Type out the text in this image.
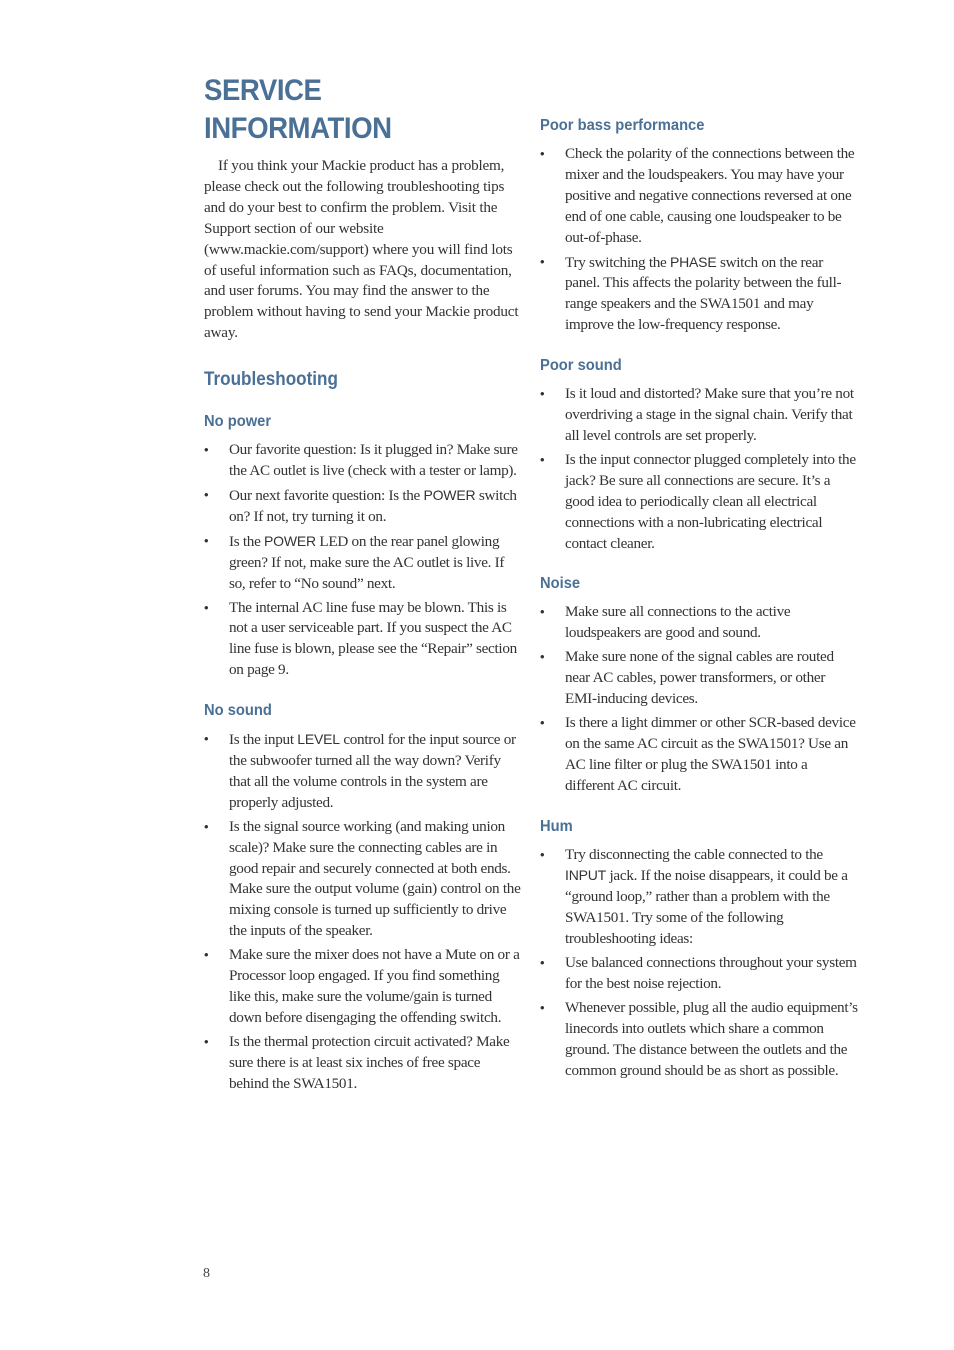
SERVICE INFORMATION

If you think your Mackie product has a problem, please check out the following troubleshooting tips and do your best to confirm the problem. Visit the Support section of our website (www.mackie.com/support) where you will find lots of useful information such as FAQs, documentation, and user forums. You may find the answer to the problem without having to send your Mackie product away.

Troubleshooting
No power
• Our favorite question: Is it plugged in? Make sure the AC outlet is live (check with a tester or lamp).
• Our next favorite question: Is the POWER switch on? If not, try turning it on.
• Is the POWER LED on the rear panel glowing green? If not, make sure the AC outlet is live. If so, refer to “No sound” next.
• The internal AC line fuse may be blown. This is not a user serviceable part. If you suspect the AC line fuse is blown, please see the “Repair” section on page 9.
No sound
• Is the input LEVEL control for the input source or the subwoofer turned all the way down? Verify that all the volume controls in the system are properly adjusted.
• Is the signal source working (and making union scale)? Make sure the connecting cables are in good repair and securely connected at both ends. Make sure the output volume (gain) control on the mixing console is turned up sufficiently to drive the inputs of the speaker.
• Make sure the mixer does not have a Mute on or a Processor loop engaged. If you find something like this, make sure the volume/gain is turned down before disengaging the offending switch.
• Is the thermal protection circuit activated? Make sure there is at least six inches of free space behind the SWA1501.
Poor bass performance
• Check the polarity of the connections between the mixer and the loudspeakers. You may have your positive and negative connections reversed at one end of one cable, causing one loudspeaker to be out-of-phase.
• Try switching the PHASE switch on the rear panel. This affects the polarity between the full-range speakers and the SWA1501 and may improve the low-frequency response.
Poor sound
• Is it loud and distorted? Make sure that you’re not overdriving a stage in the signal chain. Verify that all level controls are set properly.
• Is the input connector plugged completely into the jack? Be sure all connections are secure. It’s a good idea to periodically clean all electrical connections with a non-lubricating electrical contact cleaner.
Noise
• Make sure all connections to the active loudspeakers are good and sound.
• Make sure none of the signal cables are routed near AC cables, power transformers, or other EMI-inducing devices.
• Is there a light dimmer or other SCR-based device on the same AC circuit as the SWA1501? Use an AC line filter or plug the SWA1501 into a different AC circuit.
Hum
• Try disconnecting the cable connected to the INPUT jack. If the noise disappears, it could be a “ground loop,” rather than a problem with the SWA1501. Try some of the following troubleshooting ideas:
• Use balanced connections throughout your system for the best noise rejection.
• Whenever possible, plug all the audio equipment’s linecords into outlets which share a common ground. The distance between the outlets and the common ground should be as short as possible.
8
